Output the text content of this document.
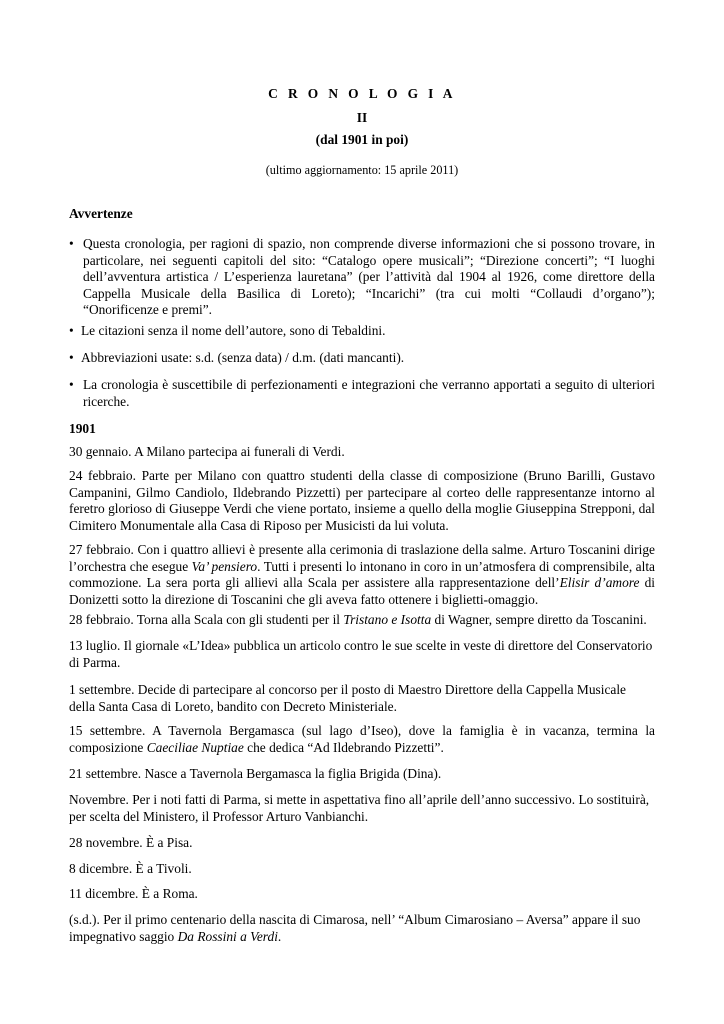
C R O N O L O G I A
II
(dal 1901 in poi)
(ultimo aggiornamento: 15 aprile 2011)
Avvertenze
• Questa cronologia, per ragioni di spazio, non comprende diverse informazioni che si possono trovare, in particolare, nei seguenti capitoli del sito: “Catalogo opere musicali”; “Direzione concerti”; “I luoghi dell’avventura artistica / L’esperienza lauretana” (per l’attività dal 1904 al 1926, come direttore della Cappella Musicale della Basilica di Loreto); “Incarichi” (tra cui molti “Collaudi d’organo”); “Onorificenze e premi”.
• Le citazioni senza il nome dell’autore, sono di Tebaldini.
• Abbreviazioni usate: s.d. (senza data) / d.m. (dati mancanti).
• La cronologia è suscettibile di perfezionamenti e integrazioni che verranno apportati a seguito di ulteriori ricerche.
1901
30 gennaio. A Milano partecipa ai funerali di Verdi.
24 febbraio. Parte per Milano con quattro studenti della classe di composizione (Bruno Barilli, Gustavo Campanini, Gilmo Candiolo, Ildebrando Pizzetti) per partecipare al corteo delle rappresentanze intorno al feretro glorioso di Giuseppe Verdi che viene portato, insieme a quello della moglie Giuseppina Strepponi, dal Cimitero Monumentale alla Casa di Riposo per Musicisti da lui voluta.
27 febbraio. Con i quattro allievi è presente alla cerimonia di traslazione della salme. Arturo Toscanini dirige l’orchestra che esegue Va’ pensiero. Tutti i presenti lo intonano in coro in un’atmosfera di comprensibile, alta commozione. La sera porta gli allievi alla Scala per assistere alla rappresentazione dell’Elisir d’amore di Donizetti sotto la direzione di Toscanini che gli aveva fatto ottenere i biglietti-omaggio.
28 febbraio. Torna alla Scala con gli studenti per il Tristano e Isotta di Wagner, sempre diretto da Toscanini.
13 luglio. Il giornale «L’Idea» pubblica un articolo contro le sue scelte in veste di direttore del Conservatorio di Parma.
1 settembre. Decide di partecipare al concorso per il posto di Maestro Direttore della Cappella Musicale della Santa Casa di Loreto, bandito con Decreto Ministeriale.
15 settembre. A Tavernola Bergamasca (sul lago d’Iseo), dove la famiglia è in vacanza, termina la composizione Caeciliae Nuptiae che dedica “Ad Ildebrando Pizzetti”.
21 settembre. Nasce a Tavernola Bergamasca la figlia Brigida (Dina).
Novembre. Per i noti fatti di Parma, si mette in aspettativa fino all’aprile dell’anno successivo. Lo sostituirà, per scelta del Ministero, il Professor Arturo Vanbianchi.
28 novembre. È a Pisa.
8 dicembre. È a Tivoli.
11 dicembre. È a Roma.
(s.d.). Per il primo centenario della nascita di Cimarosa, nell’ “Album Cimarosiano – Aversa” appare il suo impegnativo saggio Da Rossini a Verdi.
